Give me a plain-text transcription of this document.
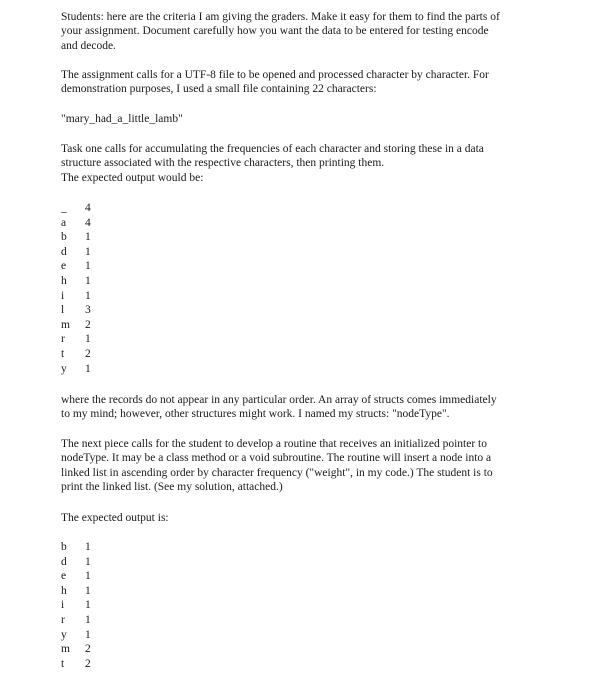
Students: here are the criteria I am giving the graders. Make it easy for them to find the parts of
your assignment. Document carefully how you want the data to be entered for testing encode
and decode.
The assignment calls for a UTF-8 file to be opened and processed character by character. For
demonstration purposes, I used a small file containing 22 characters:
"mary_had_a_little_lamb"
Task one calls for accumulating the frequencies of each character and storing these in a data
structure associated with the respective characters, then printing them.
The expected output would be:
_	4
a	4
b	1
d	1
e	1
h	1
i	1
l	3
m	2
r	1
t	2
y	1
where the records do not appear in any particular order. An array of structs comes immediately
to my mind; however, other structures might work. I named my structs: "nodeType".
The next piece calls for the student to develop a routine that receives an initialized pointer to
nodeType. It may be a class method or a void subroutine. The routine will insert a node into a
linked list in ascending order by character frequency ("weight", in my code.) The student is to
print the linked list. (See my solution, attached.)
The expected output is:
b	1
d	1
e	1
h	1
i	1
r	1
y	1
m	2
t	2
